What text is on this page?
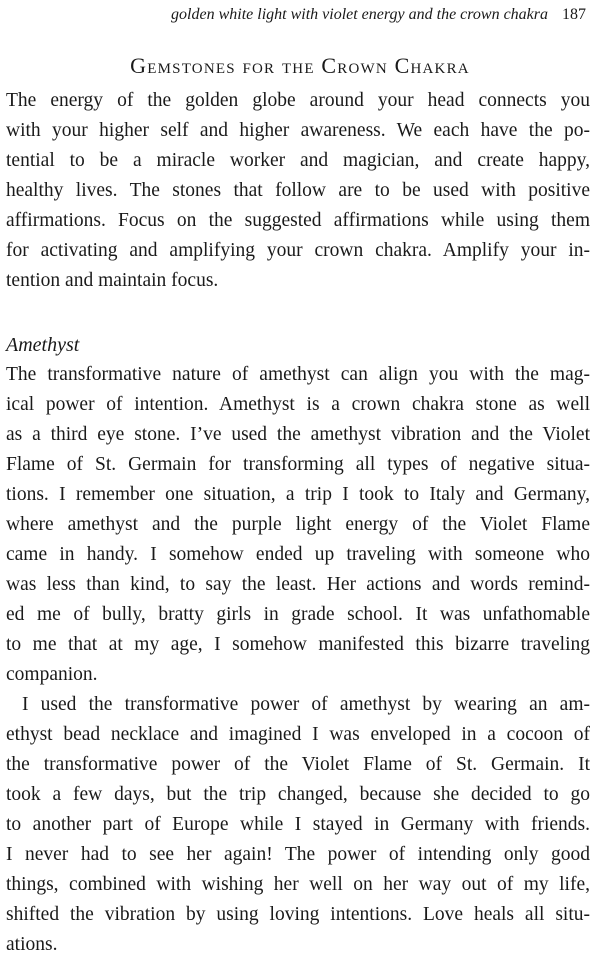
golden white light with violet energy and the crown chakra 187
Gemstones for the Crown Chakra

The energy of the golden globe around your head connects you
with your higher self and higher awareness. We each have the po-
tential to be a miracle worker and magician, and create happy,
healthy lives. The stones that follow are to be used with positive
affirmations. Focus on the suggested affirmations while using them
for activating and amplifying your crown chakra. Amplify your in-
tention and maintain focus.

Amethyst

The transformative nature of amethyst can align you with the mag-
ical power of intention. Amethyst is a crown chakra stone as well
as a third eye stone. I’ve used the amethyst vibration and the Violet
Flame of St. Germain for transforming all types of negative situa-
tions. I remember one situation, a trip I took to Italy and Germany,
where amethyst and the purple light energy of the Violet Flame
came in handy. I somehow ended up traveling with someone who
was less than kind, to say the least. Her actions and words remind-
ed me of bully, bratty girls in grade school. It was unfathomable
to me that at my age, I somehow manifested this bizarre traveling
companion.

I used the transformative power of amethyst by wearing an am-
ethyst bead necklace and imagined I was enveloped in a cocoon of
the transformative power of the Violet Flame of St. Germain. It
took a few days, but the trip changed, because she decided to go
to another part of Europe while I stayed in Germany with friends.
I never had to see her again! The power of intending only good
things, combined with wishing her well on her way out of my life,
shifted the vibration by using loving intentions. Love heals all situ-
ations.
